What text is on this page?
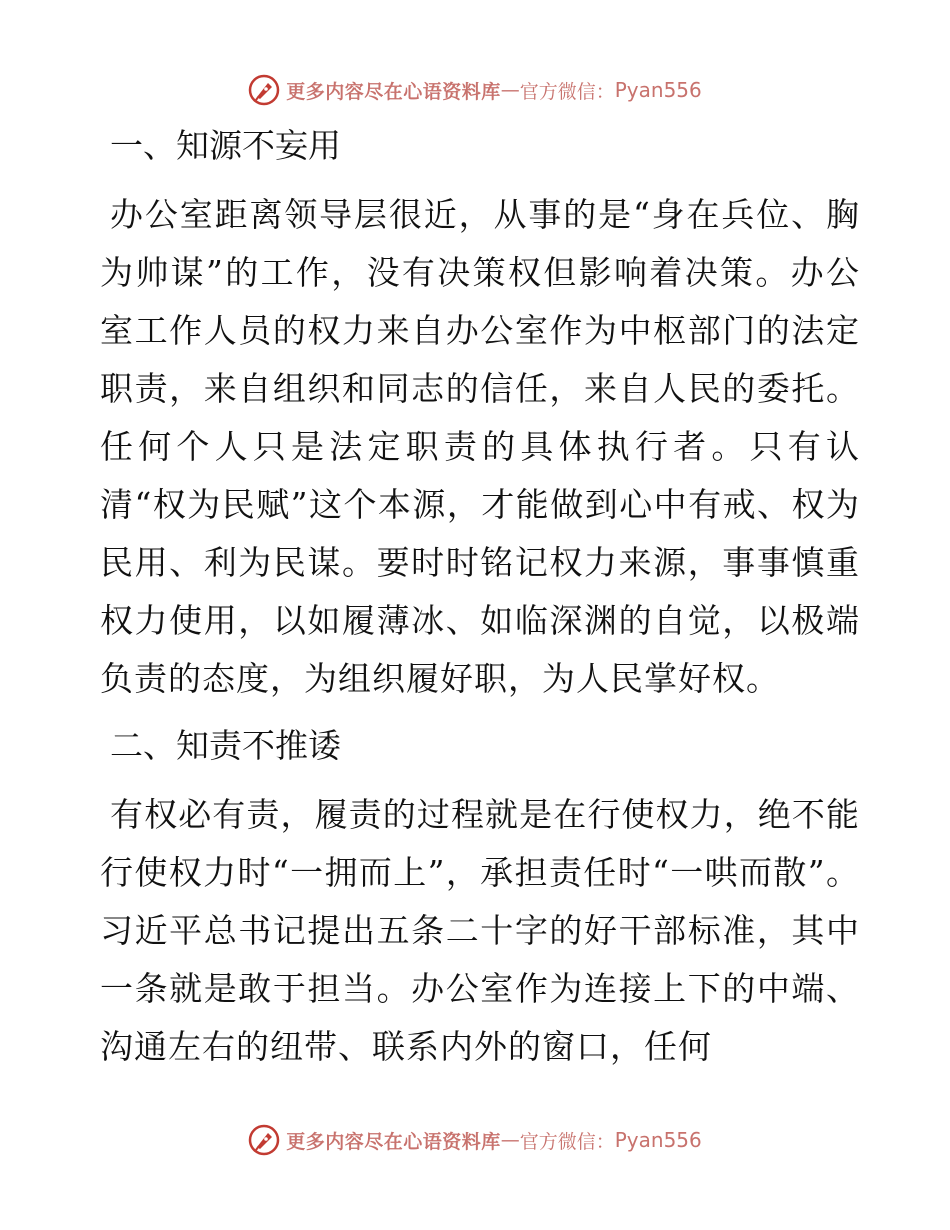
更多内容尽在心语资料库 — 官方微信： Pyan556
一、知源不妄用

办公室距离领导层很近，从事的是“身在兵位、胸为帅谋”的工作，没有决策权但影响着决策。办公室工作人员的权力来自办公室作为中枢部门的法定职责，来自组织和同志的信任，来自人民的委托。任何个人只是法定职责的具体执行者。只有认清“权为民赋”这个本源，才能做到心中有戒、权为民用、利为民谋。要时时铭记权力来源，事事慎重权力使用，以如履薄冰、如临深渊的自觉，以极端负责的态度，为组织履好职，为人民掌好权。

二、知责不推诿

有权必有责，履责的过程就是在行使权力，绝不能行使权力时“一拥而上”，承担责任时“一哄而散”。习近平总书记提出五条二十字的好干部标准，其中一条就是敢于担当。办公室作为连接上下的中端、沟通左右的纽带、联系内外的窗口，任何

更多内容尽在心语资料库 — 官方微信： Pyan556
